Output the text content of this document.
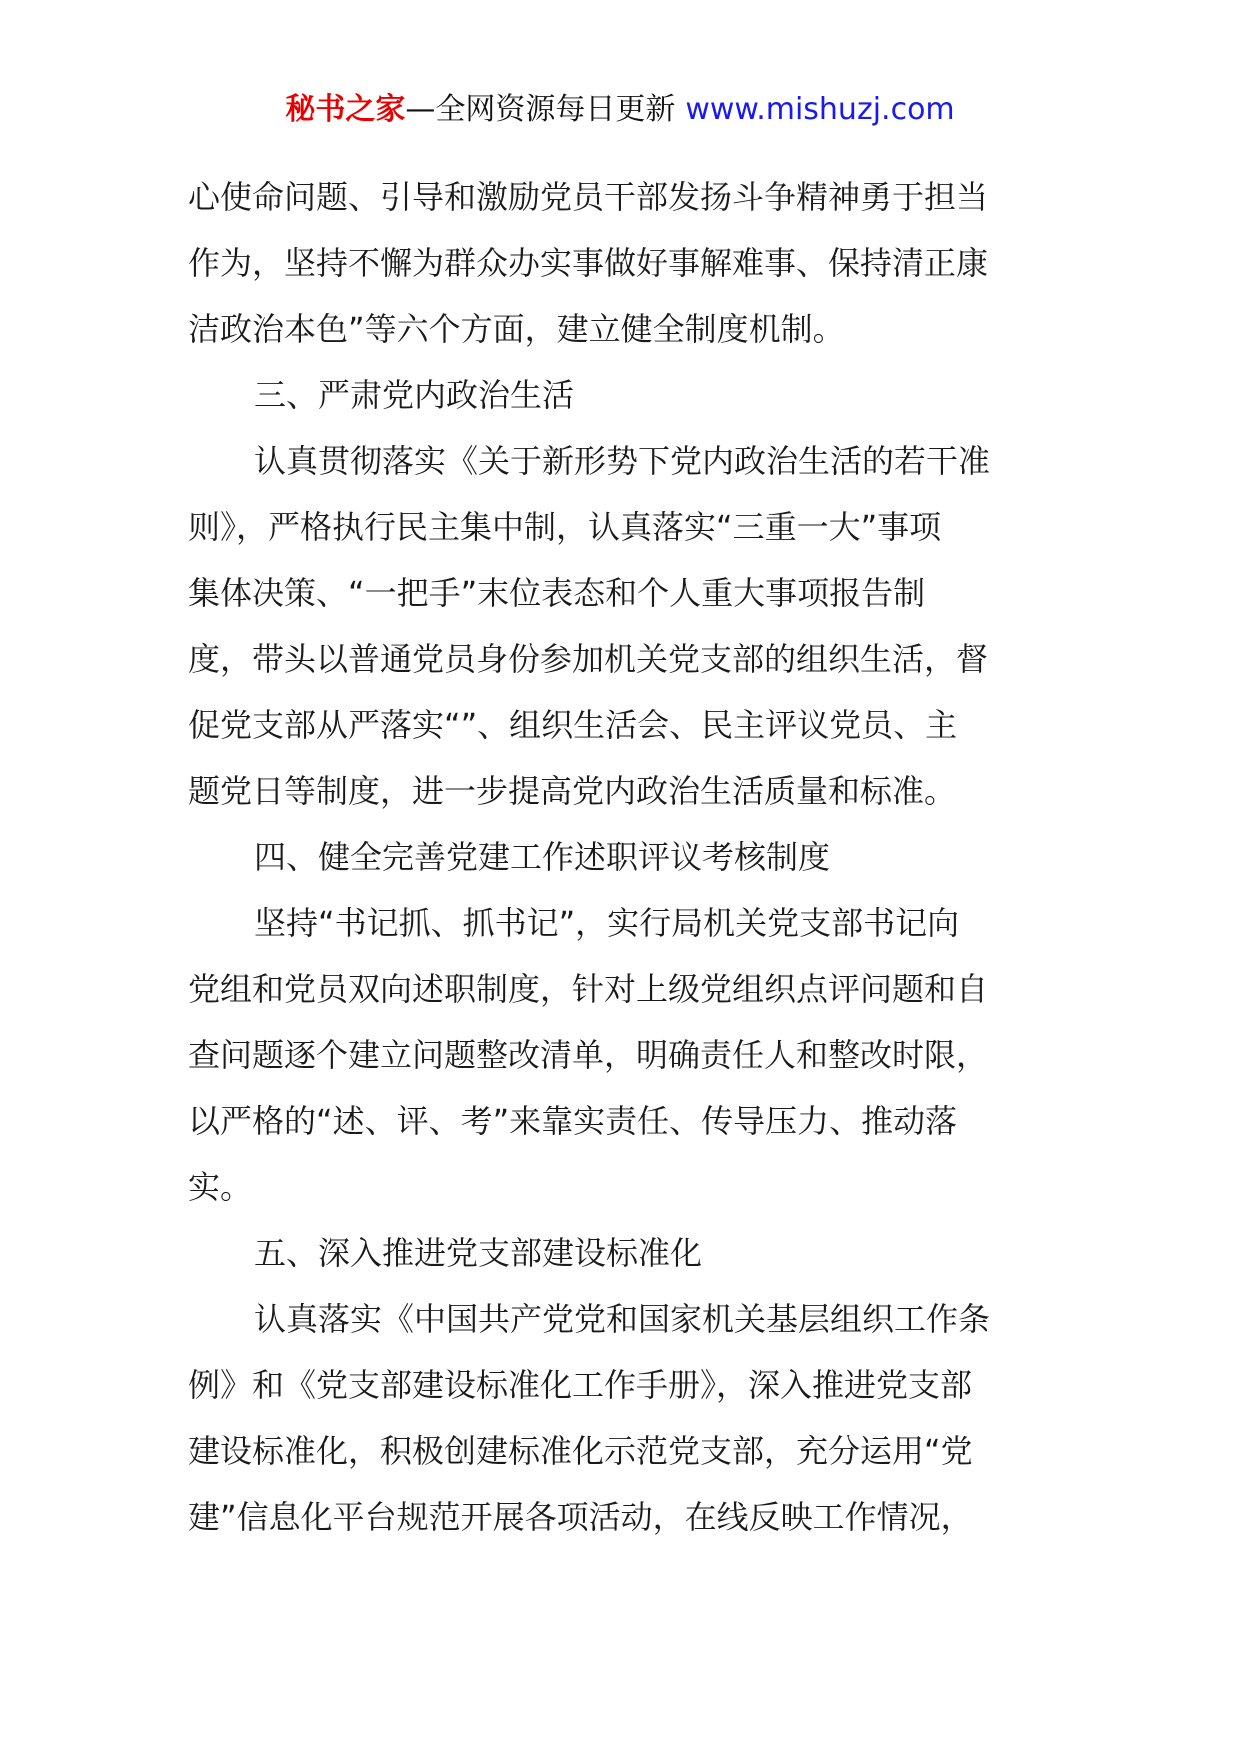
秘书之家—全网资源每日更新 www.mishuzj.com
心使命问题、引导和激励党员干部发扬斗争精神勇于担当
作为，坚持不懈为群众办实事做好事解难事、保持清正康
洁政治本色”等六个方面，建立健全制度机制。
三、严肃党内政治生活
认真贯彻落实《关于新形势下党内政治生活的若干准
则》，严格执行民主集中制，认真落实“三重一大”事项
集体决策、“一把手”末位表态和个人重大事项报告制
度，带头以普通党员身份参加机关党支部的组织生活，督
促党支部从严落实“”、组织生活会、民主评议党员、主
题党日等制度，进一步提高党内政治生活质量和标准。
四、健全完善党建工作述职评议考核制度
坚持“书记抓、抓书记”，实行局机关党支部书记向
党组和党员双向述职制度，针对上级党组织点评问题和自
查问题逐个建立问题整改清单，明确责任人和整改时限，
以严格的“述、评、考”来靠实责任、传导压力、推动落
实。
五、深入推进党支部建设标准化
认真落实《中国共产党党和国家机关基层组织工作条
例》和《党支部建设标准化工作手册》，深入推进党支部
建设标准化，积极创建标准化示范党支部，充分运用“党
建”信息化平台规范开展各项活动，在线反映工作情况，
